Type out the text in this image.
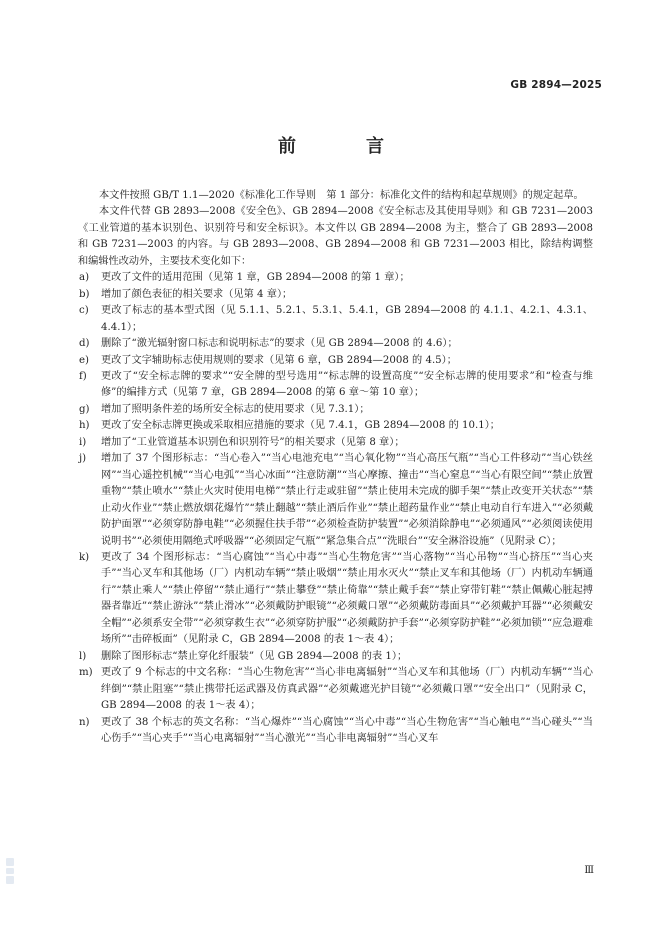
GB 2894—2025
前　言

本文件按照 GB/T 1.1—2020《标准化工作导则　第 1 部分：标准化文件的结构和起草规则》的规定起草。

本文件代替 GB 2893—2008《安全色》、GB 2894—2008《安全标志及其使用导则》和 GB 7231—2003《工业管道的基本识别色、识别符号和安全标识》。本文件以 GB 2894—2008 为主，整合了 GB 2893—2008 和 GB 7231—2003 的内容。与 GB 2893—2008、GB 2894—2008 和 GB 7231—2003 相比，除结构调整和编辑性改动外，主要技术变化如下：

a)	更改了文件的适用范围（见第 1 章，GB 2894—2008 的第 1 章）；
b)	增加了颜色表征的相关要求（见第 4 章）；
c)	更改了标志的基本型式图（见 5.1.1、5.2.1、5.3.1、5.4.1，GB 2894—2008 的 4.1.1、4.2.1、4.3.1、4.4.1）；
d)	删除了“激光辐射窗口标志和说明标志”的要求（见 GB 2894—2008 的 4.6）；
e)	更改了文字辅助标志使用规则的要求（见第 6 章，GB 2894—2008 的 4.5）；
f)	更改了“安全标志牌的要求”“安全牌的型号选用”“标志牌的设置高度”“安全标志牌的使用要求”和“检查与维修”的编排方式（见第 7 章，GB 2894—2008 的第 6 章～第 10 章）；
g)	增加了照明条件差的场所安全标志的使用要求（见 7.3.1）；
h)	更改了安全标志牌更换或采取相应措施的要求（见 7.4.1，GB 2894—2008 的 10.1）；
i)	增加了“工业管道基本识别色和识别符号”的相关要求（见第 8 章）；
j)	增加了 37 个图形标志：“当心卷入”“当心电池充电”“当心氧化物”“当心高压气瓶”“当心工件移动”“当心铁丝网”“当心遥控机械”“当心电弧”“当心冰面”“注意防潮”“当心摩擦、撞击”“当心窒息”“当心有限空间”“禁止放置重物”“禁止喷水”“禁止火灾时使用电梯”“禁止行走或驻留”“禁止使用未完成的脚手架”“禁止改变开关状态”“禁止动火作业”“禁止燃放烟花爆竹”“禁止翻越”“禁止酒后作业”“禁止超药量作业”“禁止电动自行车进入”“必须戴防护面罩”“必须穿防静电鞋”“必须握住扶手带”“必须检查防护装置”“必须消除静电”“必须通风”“必须阅读使用说明书”“必须使用隔绝式呼吸器”“必须固定气瓶”“紧急集合点”“洗眼台”“安全淋浴设施”（见附录 C）；
k)	更改了 34 个图形标志：“当心腐蚀”“当心中毒”“当心生物危害”“当心落物”“当心吊物”“当心挤压”“当心夹手”“当心叉车和其他场（厂）内机动车辆”“禁止吸烟”“禁止用水灭火”“禁止叉车和其他场（厂）内机动车辆通行”“禁止乘人”“禁止停留”“禁止通行”“禁止攀登”“禁止倚靠”“禁止戴手套”“禁止穿带钉鞋”“禁止佩戴心脏起搏器者靠近”“禁止游泳”“禁止滑冰”“必须戴防护眼镜”“必须戴口罩”“必须戴防毒面具”“必须戴护耳器”“必须戴安全帽”“必须系安全带”“必须穿救生衣”“必须穿防护服”“必须戴防护手套”“必须穿防护鞋”“必须加锁”“应急避难场所”“击碎板面”（见附录 C，GB 2894—2008 的表 1～表 4）；
l)	删除了图形标志“禁止穿化纤服装”（见 GB 2894—2008 的表 1）；
m) 更改了 9 个标志的中文名称：“当心生物危害”“当心非电离辐射”“当心叉车和其他场（厂）内机动车辆”“当心绊倒”“禁止阻塞”“禁止携带托运武器及仿真武器”“必须戴遮光护目镜”“必须戴口罩”“安全出口”（见附录 C，GB 2894—2008 的表 1～表 4）；
n)	更改了 38 个标志的英文名称：“当心爆炸”“当心腐蚀”“当心中毒”“当心生物危害”“当心触电”“当心碰头”“当心伤手”“当心夹手”“当心电离辐射”“当心激光”“当心非电离辐射”“当心叉车
Ⅲ
